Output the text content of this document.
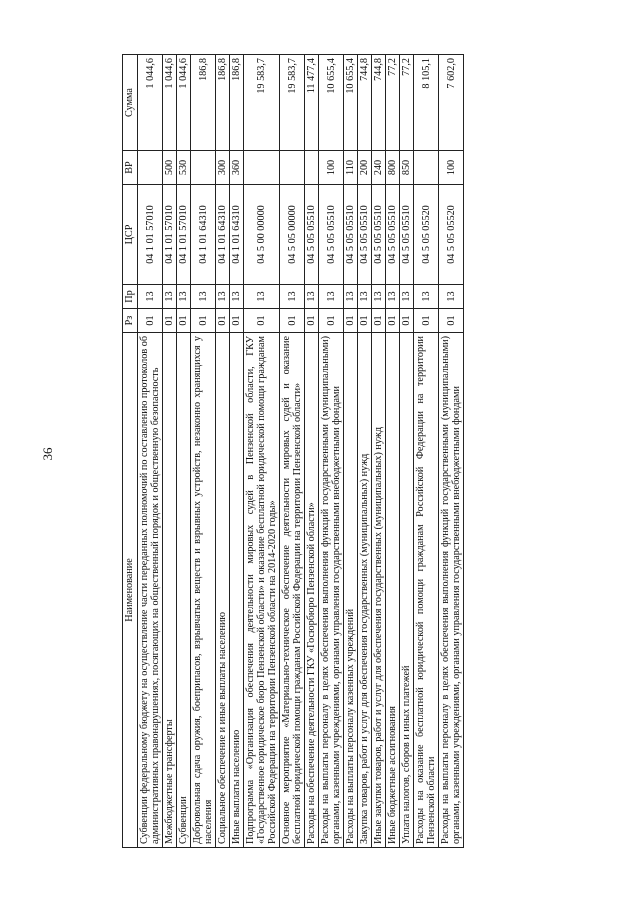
36
Наименование	Рз	Пр	ЦСР	ВР	Сумма
Субвенции федеральному бюджету на осуществление части переданных полномочий по составлению протоколов об административных правонарушениях, посягающих на общественный порядок и общественную безопасность	01	13	04 1 01 57010		1 044,6
Межбюджетные трансферты	01	13	04 1 01 57010	500	1 044,6
Субвенции	01	13	04 1 01 57010	530	1 044,6
Добровольная сдача оружия, боеприпасов, взрывчатых веществ и взрывных устройств, незаконно хранящихся у населения	01	13	04 1 01 64310		186,8
Социальное обеспечение и иные выплаты населению	01	13	04 1 01 64310	300	186,8
Иные выплаты населению	01	13	04 1 01 64310	360	186,8
Подпрограмма «Организация обеспечения деятельности мировых судей в Пензенской области, ГКУ «Государственное юридическое бюро Пензенской области» и оказание бесплатной юридической помощи гражданам Российской Федерации на территории Пензенской области на 2014-2020 годы»	01	13	04 5 00 00000		19 583,7
Основное мероприятие «Материально-техническое обеспечение деятельности мировых судей и оказание бесплатной юридической помощи гражданам Российской Федерации на территории Пензенской области»	01	13	04 5 05 00000		19 583,7
Расходы на обеспечение деятельности ГКУ «Госюрбюро Пензенской области»	01	13	04 5 05 05510		11 477,4
Расходы на выплаты персоналу в целях обеспечения выполнения функций государственными (муниципальными) органами, казенными учреждениями, органами управления государственными внебюджетными фондами	01	13	04 5 05 05510	100	10 655,4
Расходы на выплаты персоналу казенных учреждений	01	13	04 5 05 05510	110	10 655,4
Закупка товаров, работ и услуг для обеспечения государственных (муниципальных) нужд	01	13	04 5 05 05510	200	744,8
Иные закупки товаров, работ и услуг для обеспечения государственных (муниципальных) нужд	01	13	04 5 05 05510	240	744,8
Иные бюджетные ассигнования	01	13	04 5 05 05510	800	77,2
Уплата налогов, сборов и иных платежей	01	13	04 5 05 05510	850	77,2
Расходы на оказание бесплатной юридической помощи гражданам Российской Федерации на территории Пензенской области	01	13	04 5 05 05520		8 105,1
Расходы на выплаты персоналу в целях обеспечения выполнения функций государственными (муниципальными) органами, казенными учреждениями, органами управления государственными внебюджетными фондами	01	13	04 5 05 05520	100	7 602,0
